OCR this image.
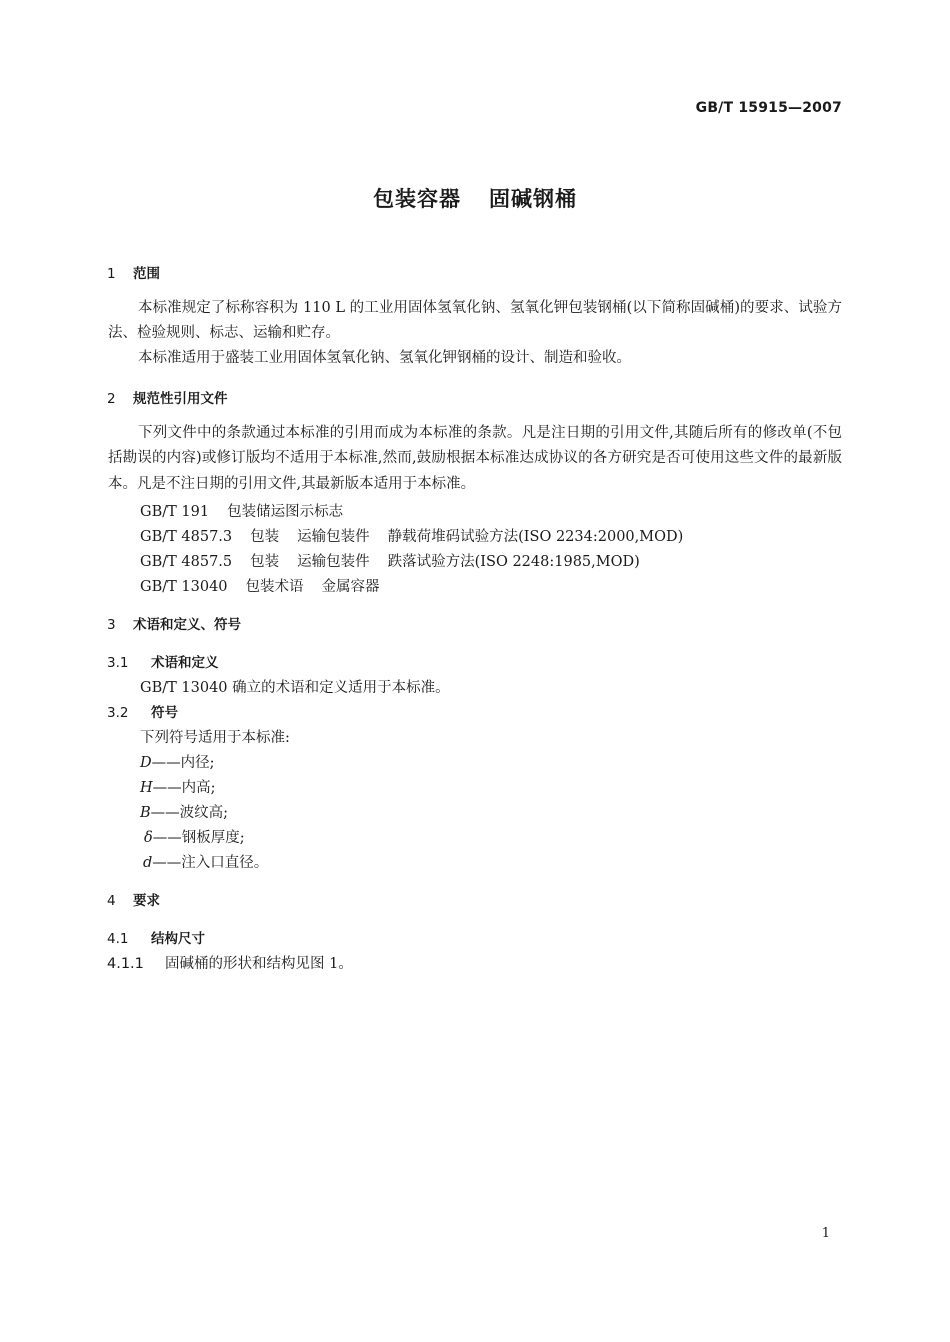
GB/T 15915—2007
包装容器 固碱钢桶
1 范围
本标准规定了标称容积为 110 L 的工业用固体氢氧化钠、氢氧化钾包装钢桶(以下简称固碱桶)的要求、试验方法、检验规则、标志、运输和贮存。
本标准适用于盛装工业用固体氢氧化钠、氢氧化钾钢桶的设计、制造和验收。
2 规范性引用文件
下列文件中的条款通过本标准的引用而成为本标准的条款。凡是注日期的引用文件,其随后所有的修改单(不包括勘误的内容)或修订版均不适用于本标准,然而,鼓励根据本标准达成协议的各方研究是否可使用这些文件的最新版本。凡是不注日期的引用文件,其最新版本适用于本标准。
GB/T 191 包装储运图示标志
GB/T 4857.3 包装 运输包装件 静载荷堆码试验方法(ISO 2234:2000,MOD)
GB/T 4857.5 包装 运输包装件 跌落试验方法(ISO 2248:1985,MOD)
GB/T 13040 包装术语 金属容器
3 术语和定义、符号
3.1 术语和定义
GB/T 13040 确立的术语和定义适用于本标准。
3.2 符号
下列符号适用于本标准:
D——内径;
H——内高;
B——波纹高;
δ——钢板厚度;
d——注入口直径。
4 要求
4.1 结构尺寸
4.1.1 固碱桶的形状和结构见图 1。
1
